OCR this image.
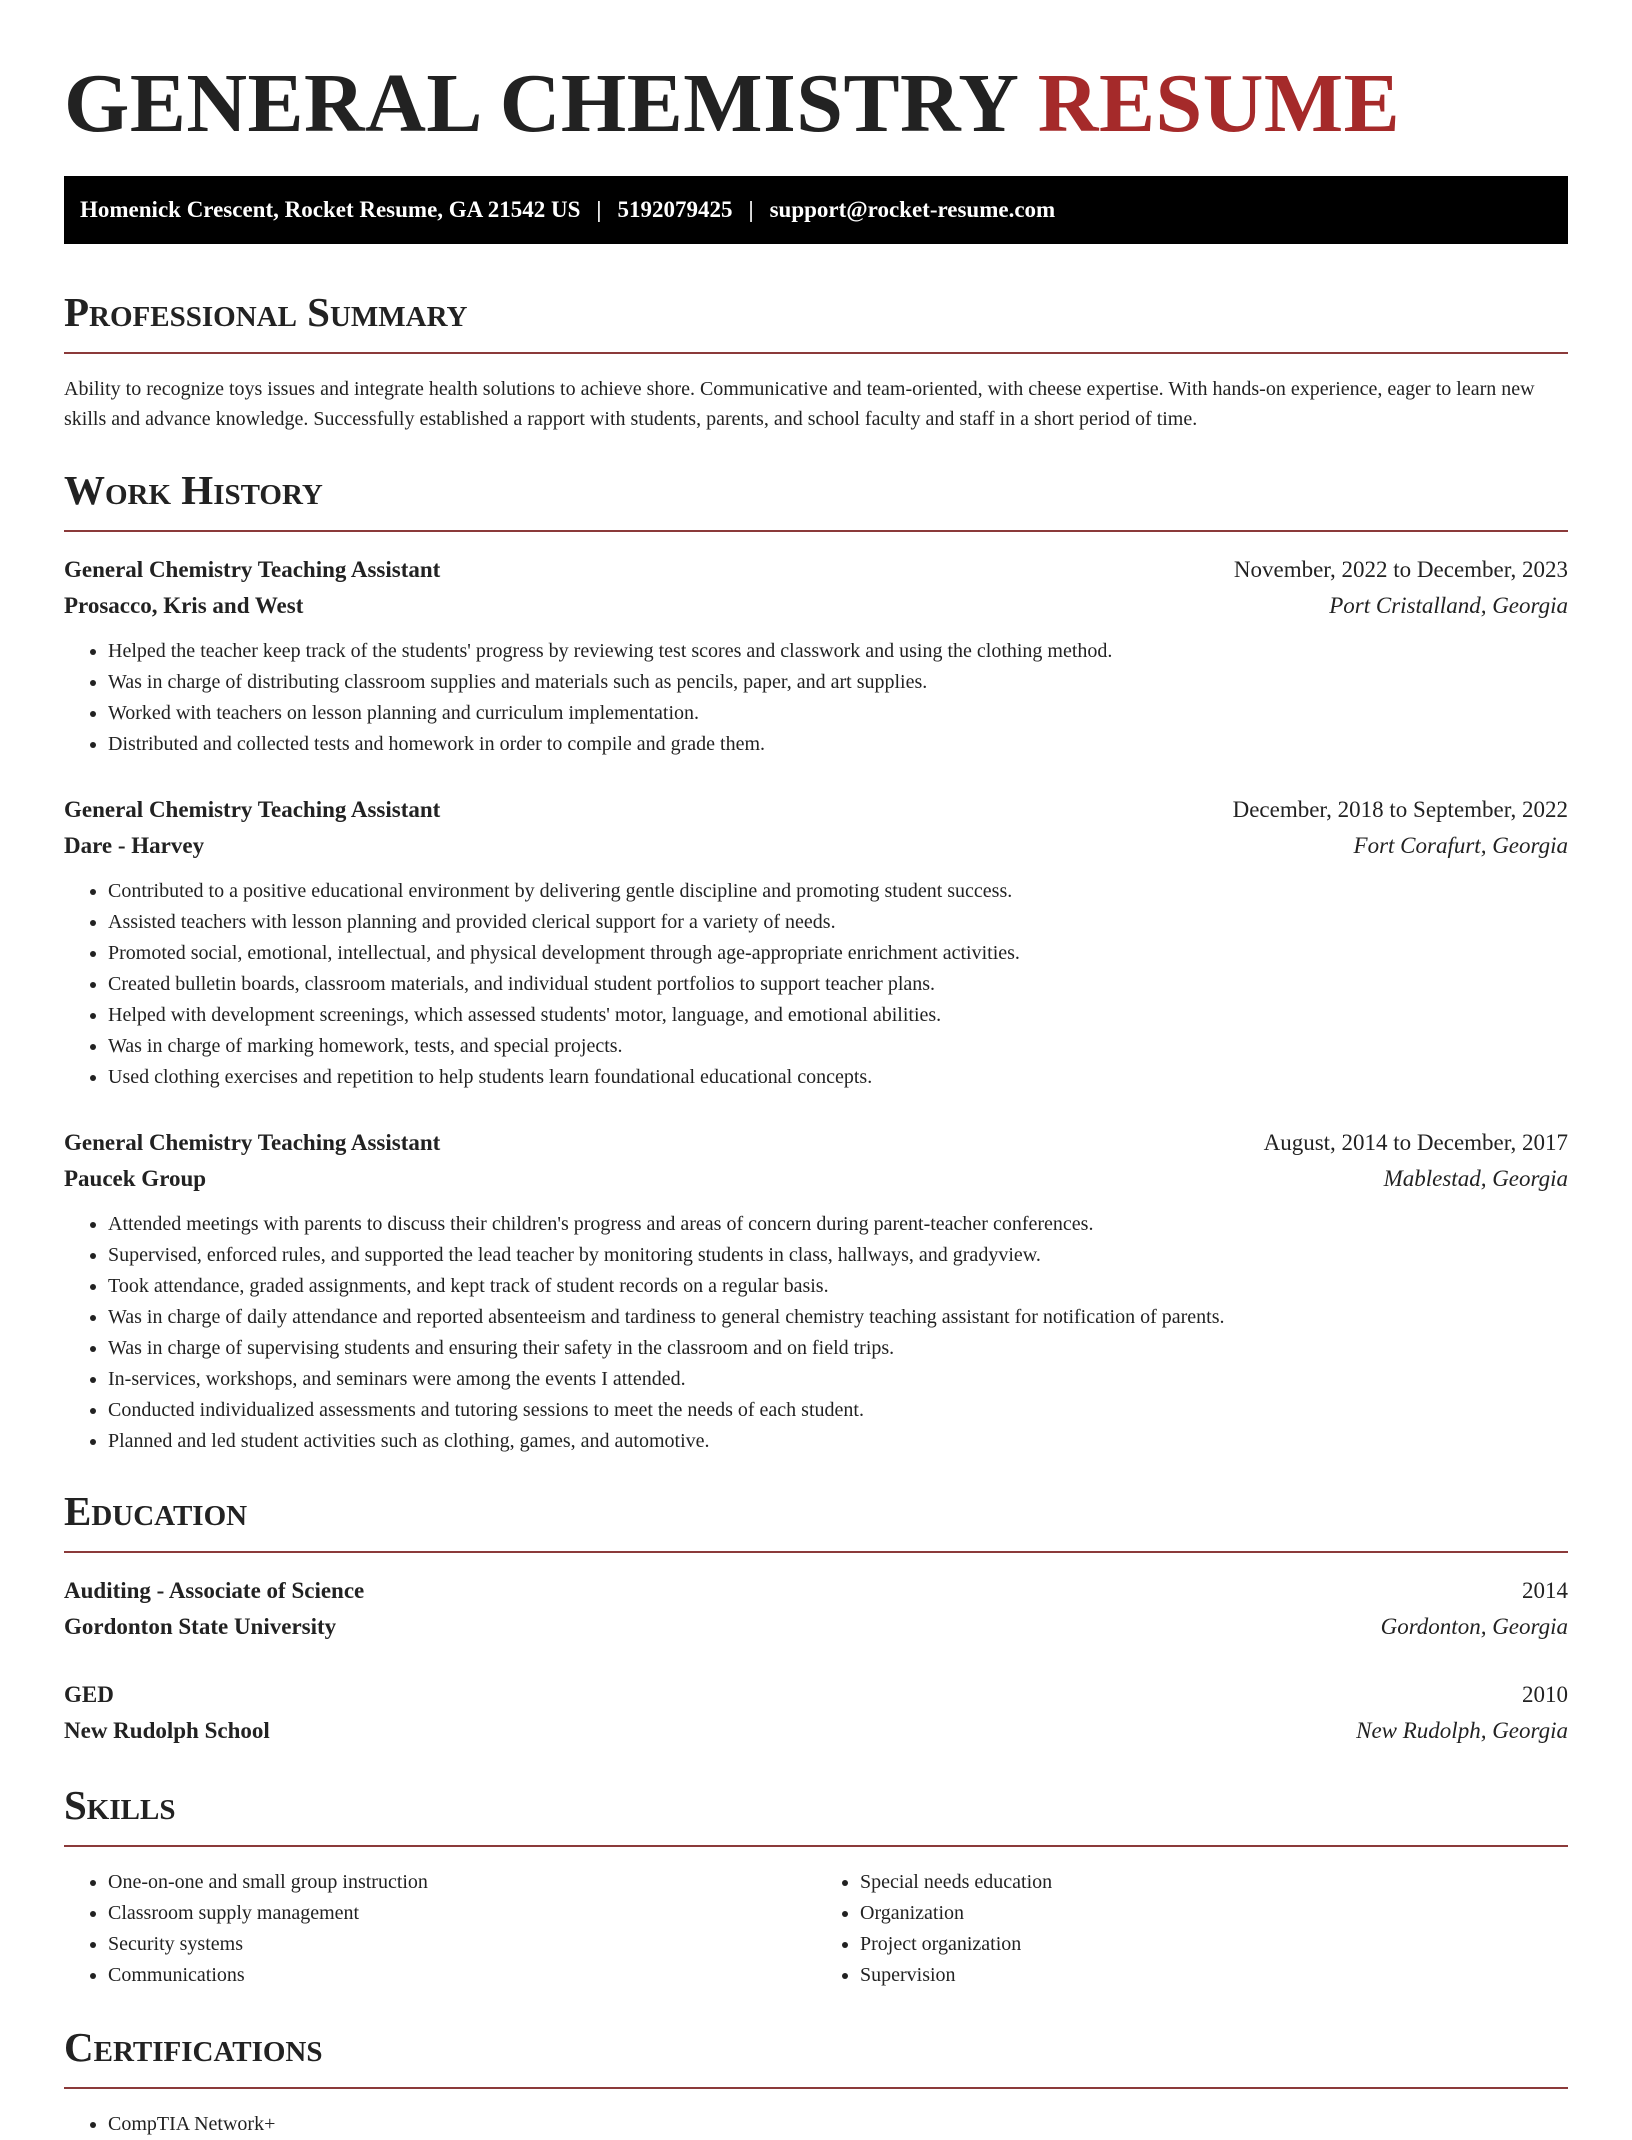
GENERAL CHEMISTRY RESUME
Homenick Crescent, Rocket Resume, GA 21542 US | 5192079425 | support@rocket-resume.com
Professional Summary

Ability to recognize toys issues and integrate health solutions to achieve shore. Communicative and team-oriented, with cheese expertise. With hands-on experience, eager to learn new skills and advance knowledge. Successfully established a rapport with students, parents, and school faculty and staff in a short period of time.

Work History
General Chemistry Teaching Assistant	November, 2022 to December, 2023
Prosacco, Kris and West	Port Cristalland, Georgia
• Helped the teacher keep track of the students' progress by reviewing test scores and classwork and using the clothing method.
• Was in charge of distributing classroom supplies and materials such as pencils, paper, and art supplies.
• Worked with teachers on lesson planning and curriculum implementation.
• Distributed and collected tests and homework in order to compile and grade them.
General Chemistry Teaching Assistant	December, 2018 to September, 2022
Dare - Harvey	Fort Corafurt, Georgia
• Contributed to a positive educational environment by delivering gentle discipline and promoting student success.
• Assisted teachers with lesson planning and provided clerical support for a variety of needs.
• Promoted social, emotional, intellectual, and physical development through age-appropriate enrichment activities.
• Created bulletin boards, classroom materials, and individual student portfolios to support teacher plans.
• Helped with development screenings, which assessed students' motor, language, and emotional abilities.
• Was in charge of marking homework, tests, and special projects.
• Used clothing exercises and repetition to help students learn foundational educational concepts.
General Chemistry Teaching Assistant	August, 2014 to December, 2017
Paucek Group	Mablestad, Georgia
• Attended meetings with parents to discuss their children's progress and areas of concern during parent-teacher conferences.
• Supervised, enforced rules, and supported the lead teacher by monitoring students in class, hallways, and gradyview.
• Took attendance, graded assignments, and kept track of student records on a regular basis.
• Was in charge of daily attendance and reported absenteeism and tardiness to general chemistry teaching assistant for notification of parents.
• Was in charge of supervising students and ensuring their safety in the classroom and on field trips.
• In-services, workshops, and seminars were among the events I attended.
• Conducted individualized assessments and tutoring sessions to meet the needs of each student.
• Planned and led student activities such as clothing, games, and automotive.
Education
Auditing - Associate of Science	2014
Gordonton State University	Gordonton, Georgia
GED	2010
New Rudolph School	New Rudolph, Georgia
Skills
• One-on-one and small group instruction
• Classroom supply management
• Security systems
• Communications
• Special needs education
• Organization
• Project organization
• Supervision
Certifications
• CompTIA Network+
